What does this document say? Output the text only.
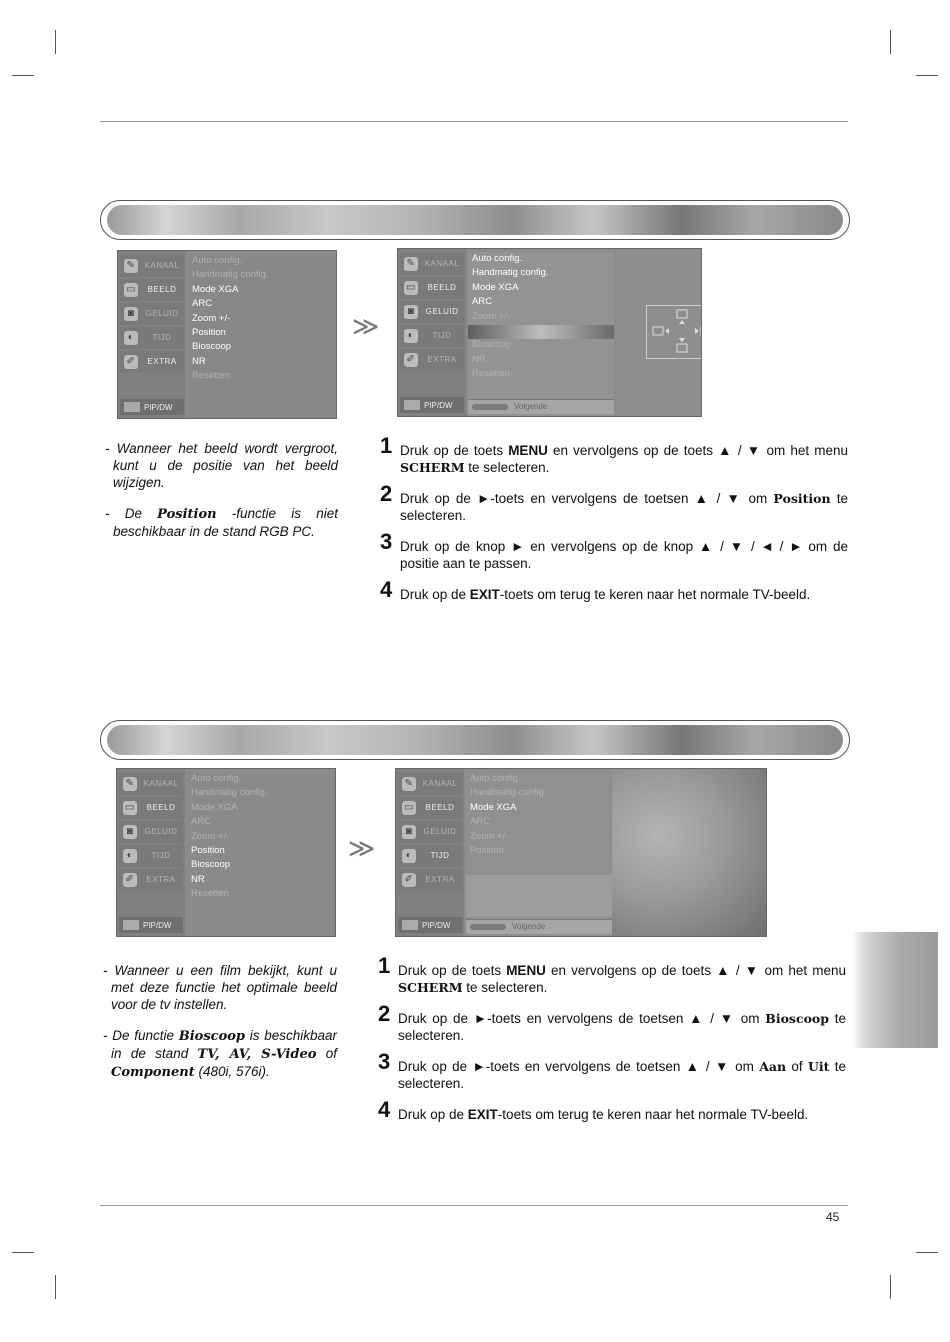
✎	KANAAL
▭	BEELD
◙	GELUID
◐	TIJD
✐	EXTRA
PIP/DW
Auto config.
Handmatig config.
Mode XGA
ARC
Zoom +/-
Position
Bioscoop
NR
Resetten
≫
✎	KANAAL
▭	BEELD
◙	GELUID
◐	TIJD
✐	EXTRA
PIP/DW
Auto config.
Handmatig config.
Mode XGA
ARC
Zoom +/-
Bioscoop
NR
Resetten
Volgende

- Wanneer het beeld wordt vergroot, kunt u de positie van het beeld wijzigen.

- De Position -functie is niet beschikbaar in de stand RGB PC.

1 Druk op de toets MENU en vervolgens op de toets ▲ / ▼ om het menu SCHERM te selecteren.
2 Druk op de ►-toets en vervolgens de toetsen ▲ / ▼ om Position te selecteren.
3 Druk op de knop ► en vervolgens op de knop ▲ / ▼ / ◄ / ► om de positie aan te passen.
4 Druk op de EXIT-toets om terug te keren naar het normale TV-beeld.
✎	KANAAL
▭	BEELD
◙	GELUID
◐	TIJD
✐	EXTRA
PIP/DW
Auto config.
Handmatig config.
Mode XGA
ARC
Zoom +/-
Position
Bioscoop
NR
Resetten
≫
✎	KANAAL
▭	BEELD
◙	GELUID
◐	TIJD
✐	EXTRA
PIP/DW
Auto config.
Handmatig config.
Mode XGA
ARC
Zoom +/-
Position
Volgende

- Wanneer u een film bekijkt, kunt u met deze functie het optimale beeld voor de tv instellen.

- De functie Bioscoop is beschikbaar in de stand TV, AV, S-Video of Component (480i, 576i).

1 Druk op de toets MENU en vervolgens op de toets ▲ / ▼ om het menu SCHERM te selecteren.
2 Druk op de ►-toets en vervolgens de toetsen ▲ / ▼ om Bioscoop te selecteren.
3 Druk op de ►-toets en vervolgens de toetsen ▲ / ▼ om Aan of Uit te selecteren.
4 Druk op de EXIT-toets om terug te keren naar het normale TV-beeld.
45
